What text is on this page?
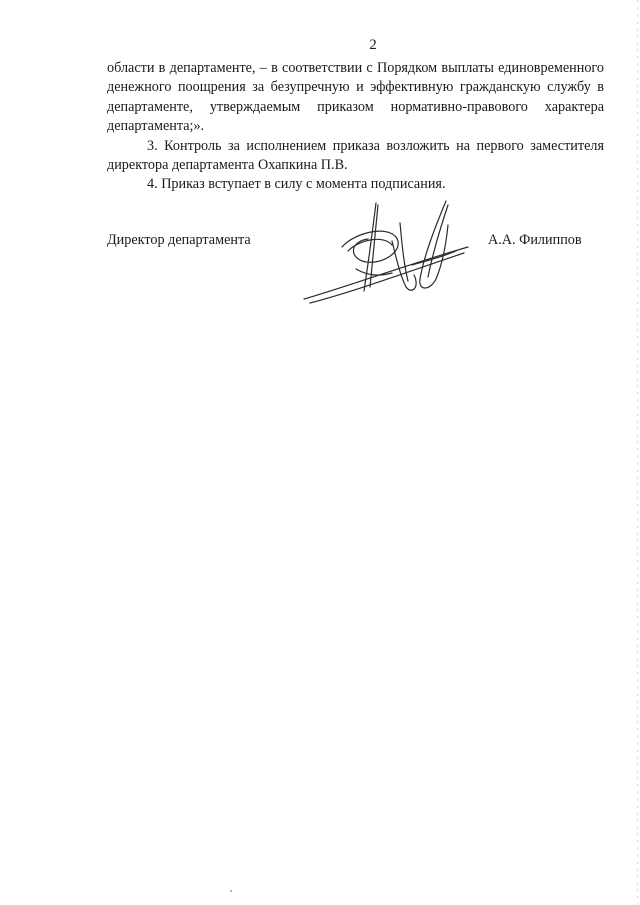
2

области в департаменте, – в соответствии с Порядком выплаты единовременного денежного поощрения за безупречную и эффективную гражданскую службу в департаменте, утверждаемым приказом нормативно-правового характера департамента;».

3. Контроль за исполнением приказа возложить на первого заместителя директора департамента Охапкина П.В.

4. Приказ вступает в силу с момента подписания.

Директор департамента	А.А. Филиппов
